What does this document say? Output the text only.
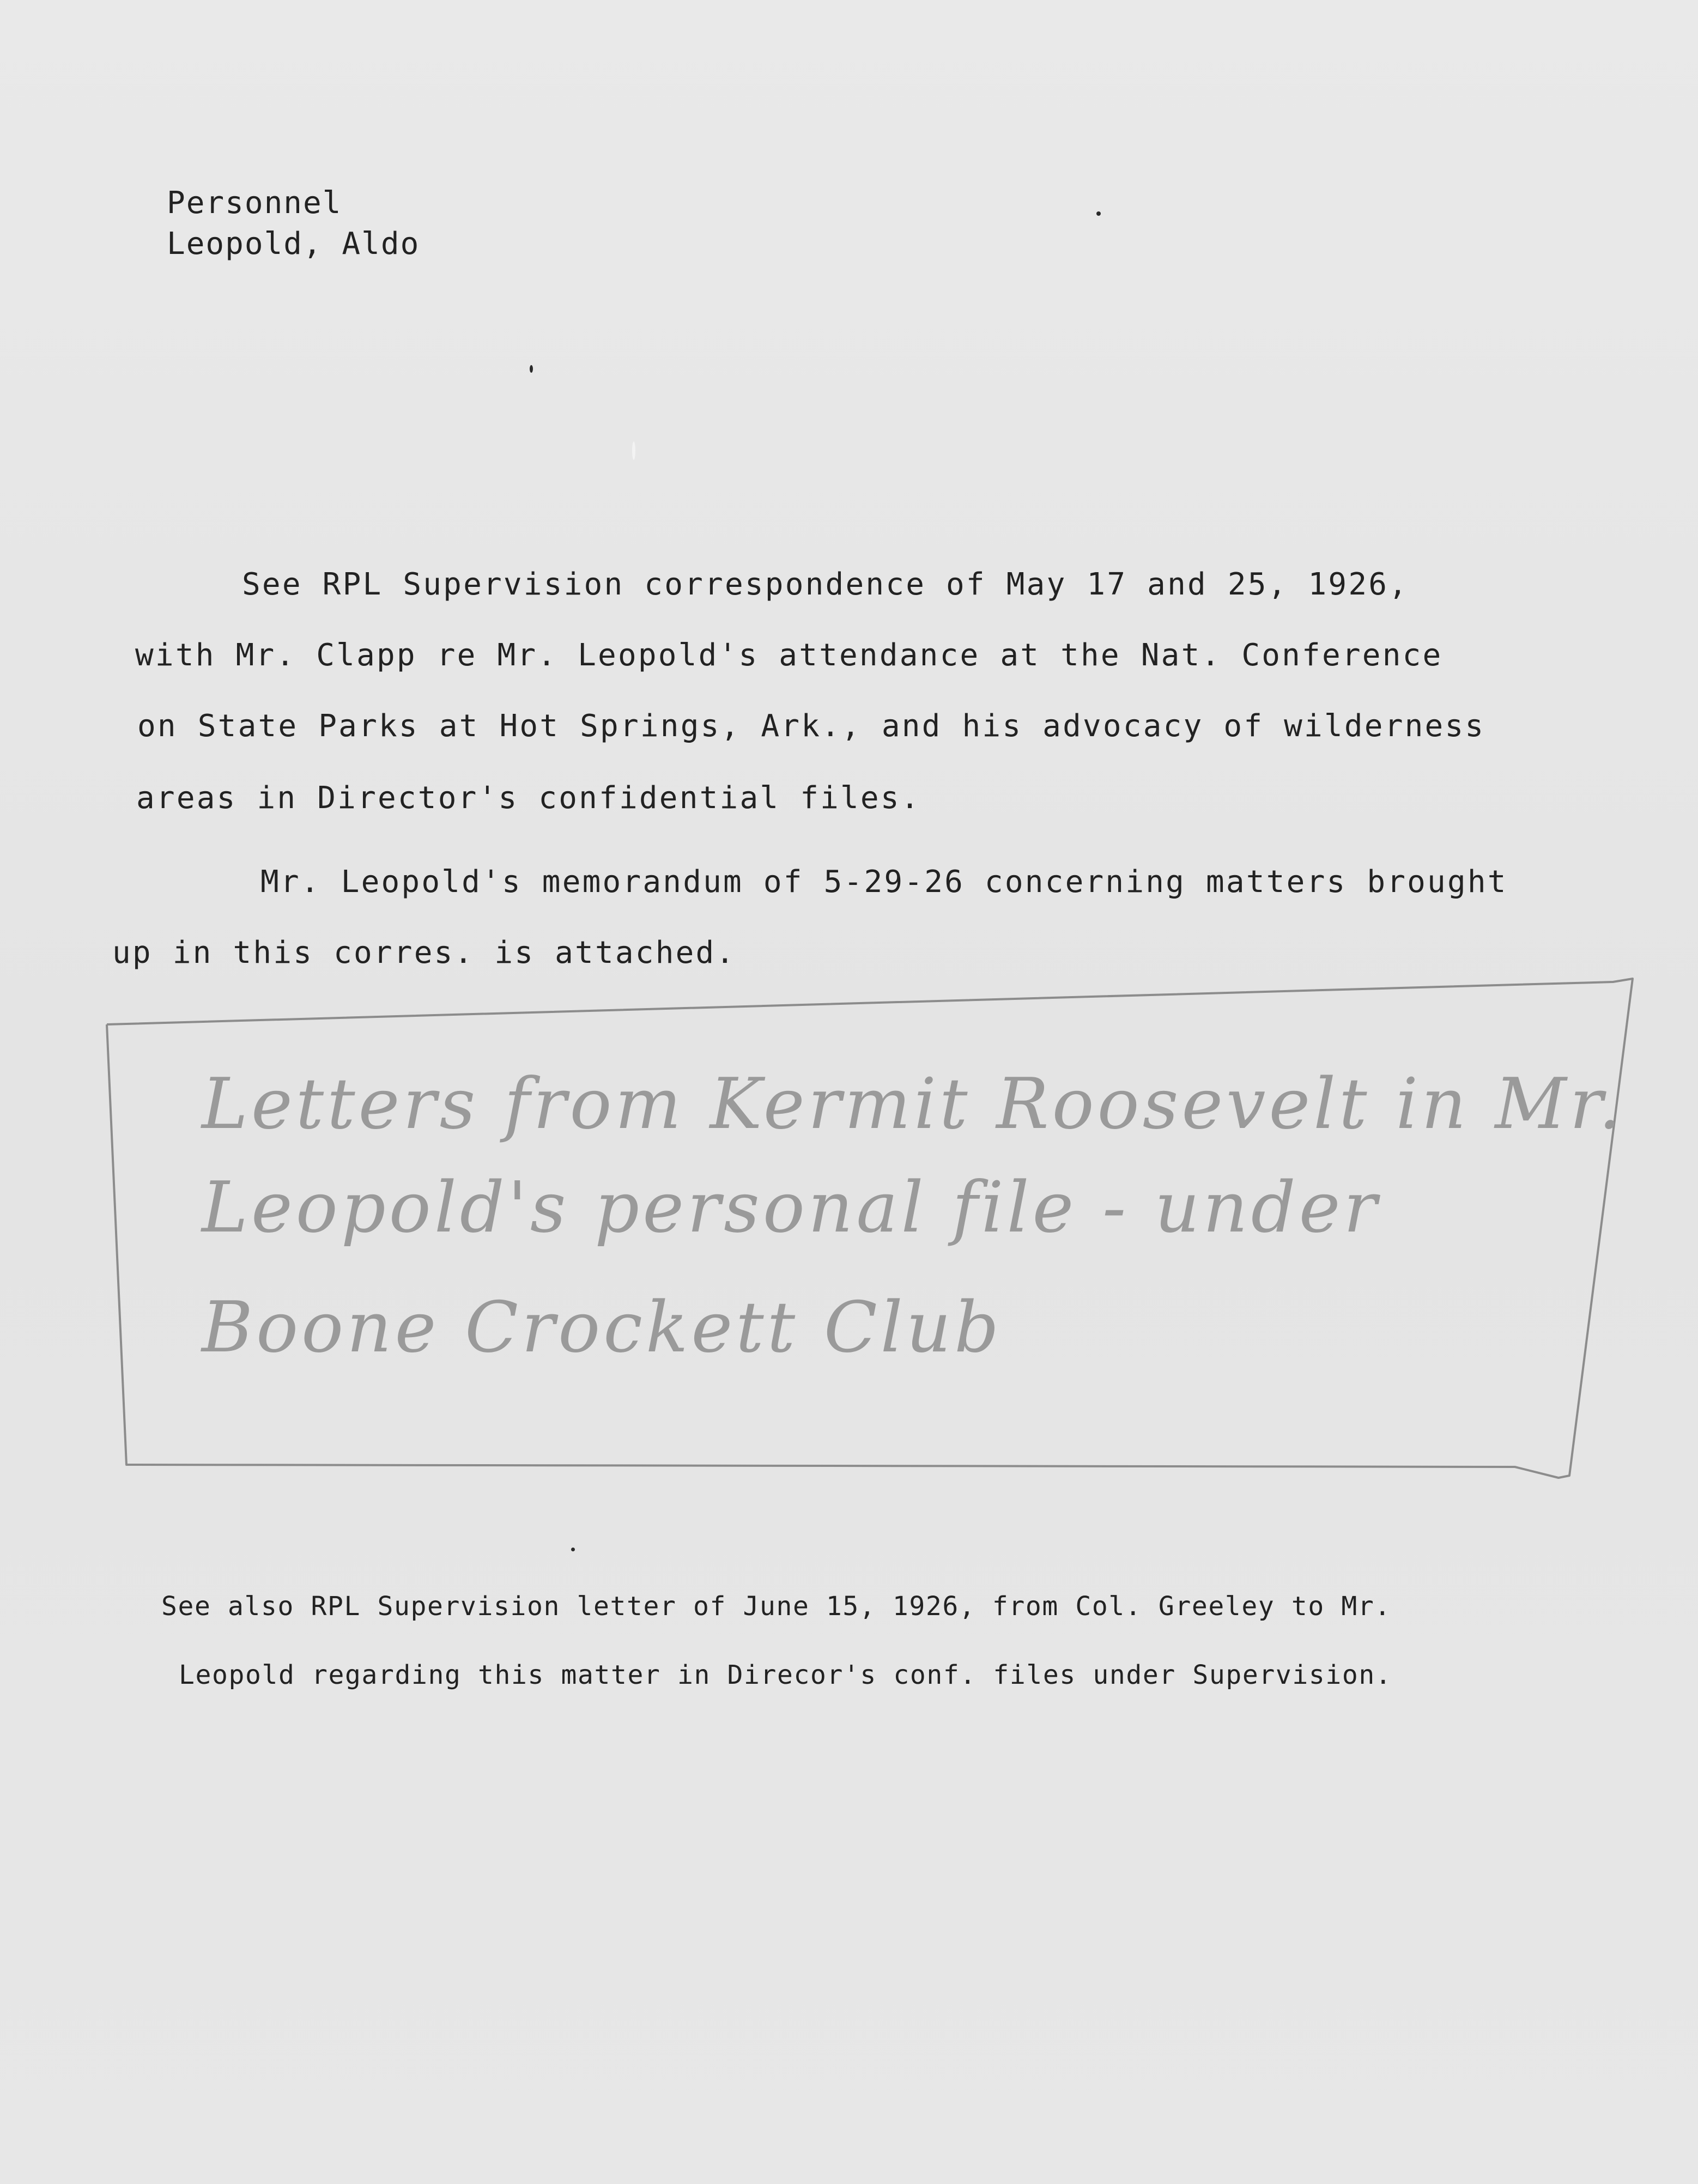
Personnel
Leopold, Aldo
See RPL Supervision correspondence of May 17 and 25, 1926,
with Mr. Clapp re Mr. Leopold's attendance at the Nat. Conference
on State Parks at Hot Springs, Ark., and his advocacy of wilderness
areas in Director's confidential files.
Mr. Leopold's memorandum of 5-29-26 concerning matters brought
up in this corres. is attached.
Letters from Kermit Roosevelt in Mr.
Leopold's personal file - under
Boone Crockett Club
See also RPL Supervision letter of June 15, 1926, from Col. Greeley to Mr.
Leopold regarding this matter in Direcor's conf. files under Supervision.
